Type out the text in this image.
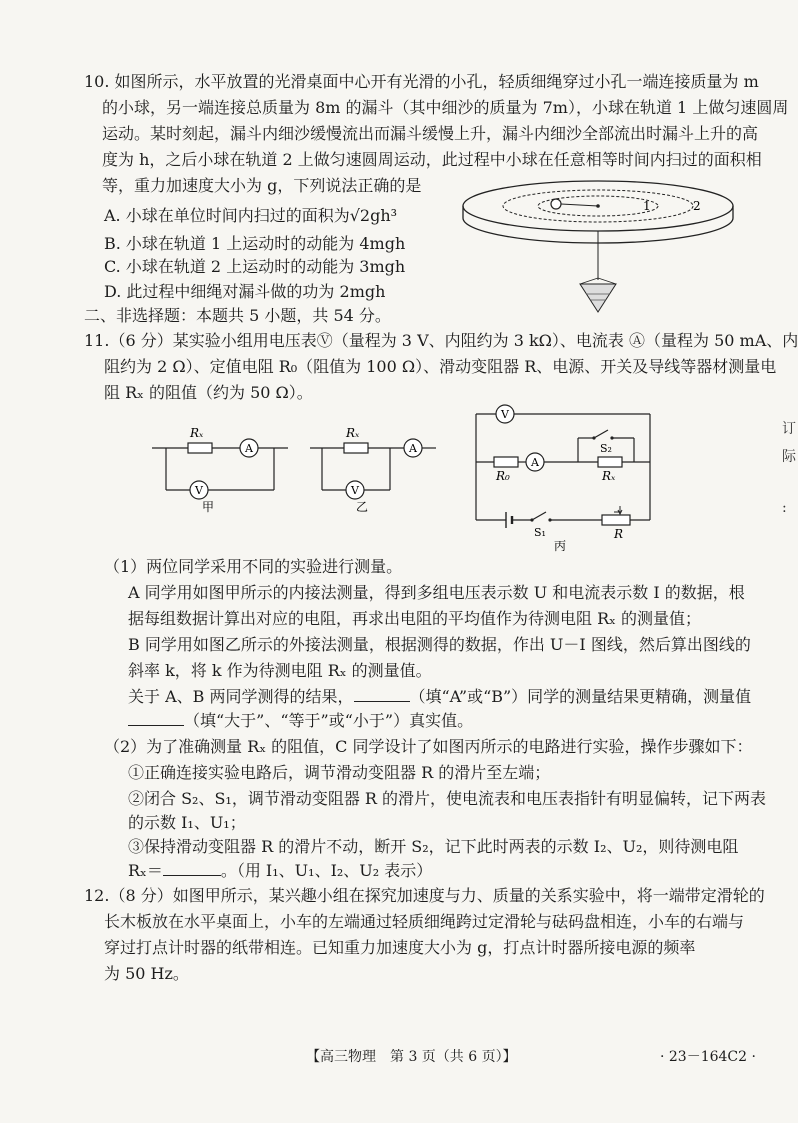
10. 如图所示，水平放置的光滑桌面中心开有光滑的小孔，轻质细绳穿过小孔一端连接质量为 m
的小球，另一端连接总质量为 8m 的漏斗（其中细沙的质量为 7m），小球在轨道 1 上做匀速圆周
运动。某时刻起，漏斗内细沙缓慢流出而漏斗缓慢上升，漏斗内细沙全部流出时漏斗上升的高
度为 h，之后小球在轨道 2 上做匀速圆周运动，此过程中小球在任意相等时间内扫过的面积相
等，重力加速度大小为 g，下列说法正确的是
A. 小球在单位时间内扫过的面积为√2gh³
B. 小球在轨道 1 上运动时的动能为 4mgh
C. 小球在轨道 2 上运动时的动能为 3mgh
D. 此过程中细绳对漏斗做的功为 2mgh
1	2
二、非选择题：本题共 5 小题，共 54 分。
11.（6 分）某实验小组用电压表Ⓥ（量程为 3 V、内阻约为 3 kΩ）、电流表 Ⓐ（量程为 50 mA、内
阻约为 2 Ω）、定值电阻 R₀（阻值为 100 Ω）、滑动变阻器 R、电源、开关及导线等器材测量电
阻 Rₓ 的阻值（约为 50 Ω）。
Rₓ
A
V
甲
Rₓ
A
V
乙
V
R₀
A
Rₓ
S₂
S₁	R
丙
（1）两位同学采用不同的实验进行测量。
A 同学用如图甲所示的内接法测量，得到多组电压表示数 U 和电流表示数 I 的数据，根
据每组数据计算出对应的电阻，再求出电阻的平均值作为待测电阻 Rₓ 的测量值；
B 同学用如图乙所示的外接法测量，根据测得的数据，作出 U－I 图线，然后算出图线的
斜率 k，将 k 作为待测电阻 Rₓ 的测量值。
关于 A、B 两同学测得的结果，	（填“A”或“B”）同学的测量结果更精确，测量值
（填“大于”、“等于”或“小于”）真实值。
（2）为了准确测量 Rₓ 的阻值，C 同学设计了如图丙所示的电路进行实验，操作步骤如下：
①正确连接实验电路后，调节滑动变阻器 R 的滑片至左端；
②闭合 S₂、S₁，调节滑动变阻器 R 的滑片，使电流表和电压表指针有明显偏转，记下两表
的示数 I₁、U₁；
③保持滑动变阻器 R 的滑片不动，断开 S₂，记下此时两表的示数 I₂、U₂，则待测电阻
Rₓ＝	。（用 I₁、U₁、I₂、U₂ 表示）
12.（8 分）如图甲所示，某兴趣小组在探究加速度与力、质量的关系实验中，将一端带定滑轮的
长木板放在水平桌面上，小车的左端通过轻质细绳跨过定滑轮与砝码盘相连，小车的右端与
穿过打点计时器的纸带相连。已知重力加速度大小为 g，打点计时器所接电源的频率
为 50 Hz。
【高三物理　第 3 页（共 6 页）】	· 23－164C2 ·
订
际
:
